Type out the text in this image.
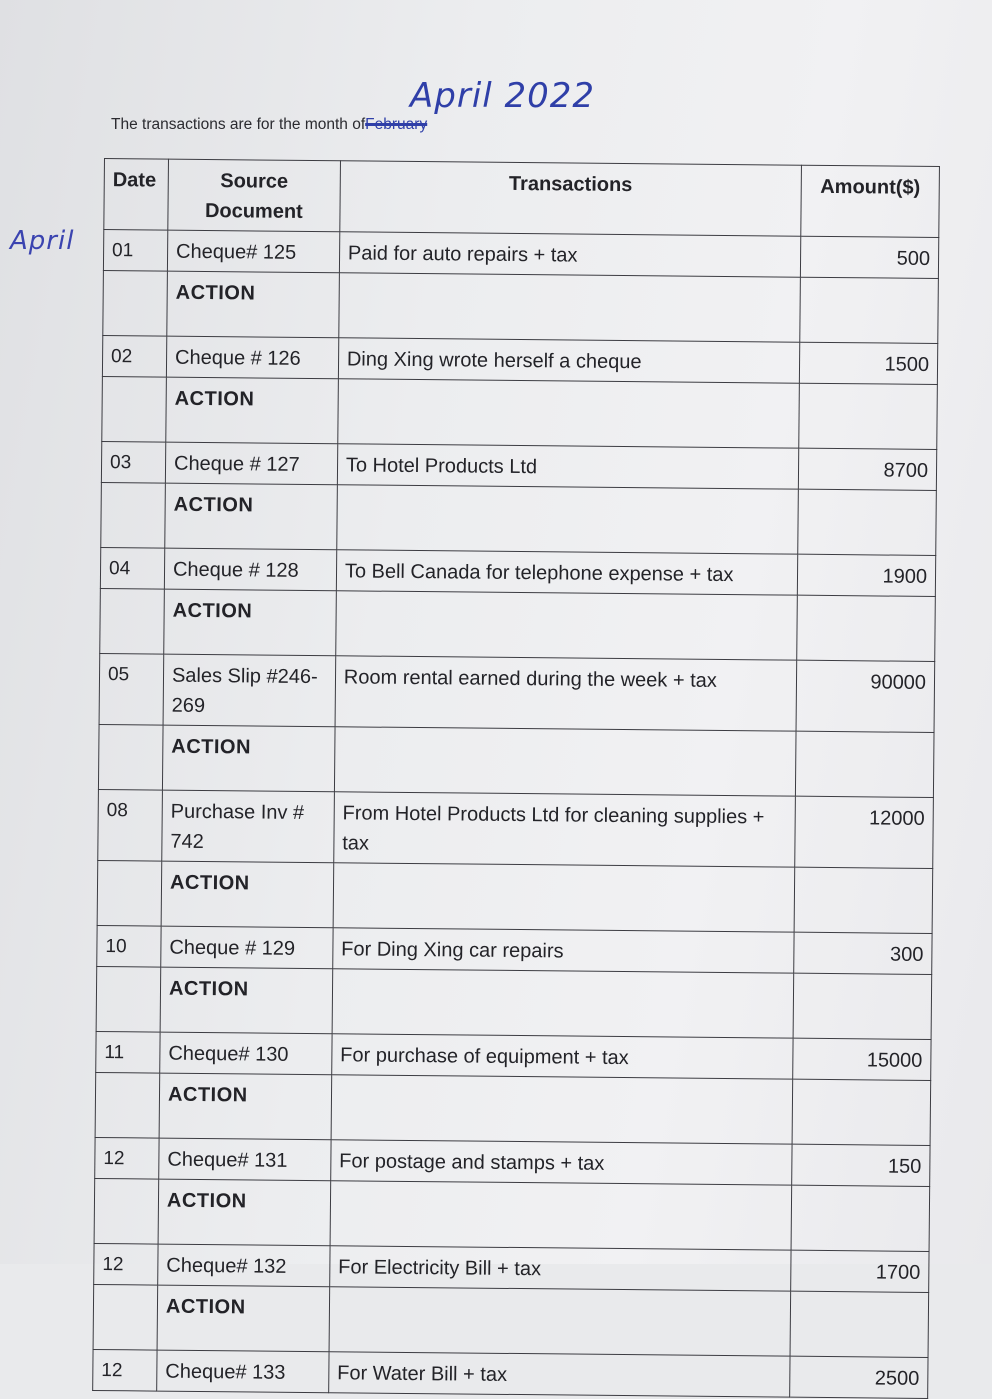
April 2022
April
The transactions are for the month ofFebruary
Date	Source Document	Transactions	Amount($)
01	Cheque# 125	Paid for auto repairs + tax	500
	ACTION		
02	Cheque # 126	Ding Xing wrote herself a cheque	1500
	ACTION		
03	Cheque # 127	To Hotel Products Ltd	8700
	ACTION		
04	Cheque # 128	To Bell Canada for telephone expense + tax	1900
	ACTION		
05	Sales Slip #246-269	Room rental earned during the week + tax	90000
	ACTION		
08	Purchase Inv # 742	From Hotel Products Ltd for cleaning supplies + tax	12000
	ACTION		
10	Cheque # 129	For Ding Xing car repairs	300
	ACTION		
11	Cheque# 130	For purchase of equipment + tax	15000
	ACTION		
12	Cheque# 131	For postage and stamps + tax	150
	ACTION		
12	Cheque# 132	For Electricity Bill + tax	1700
	ACTION		
12	Cheque# 133	For Water Bill + tax	2500
